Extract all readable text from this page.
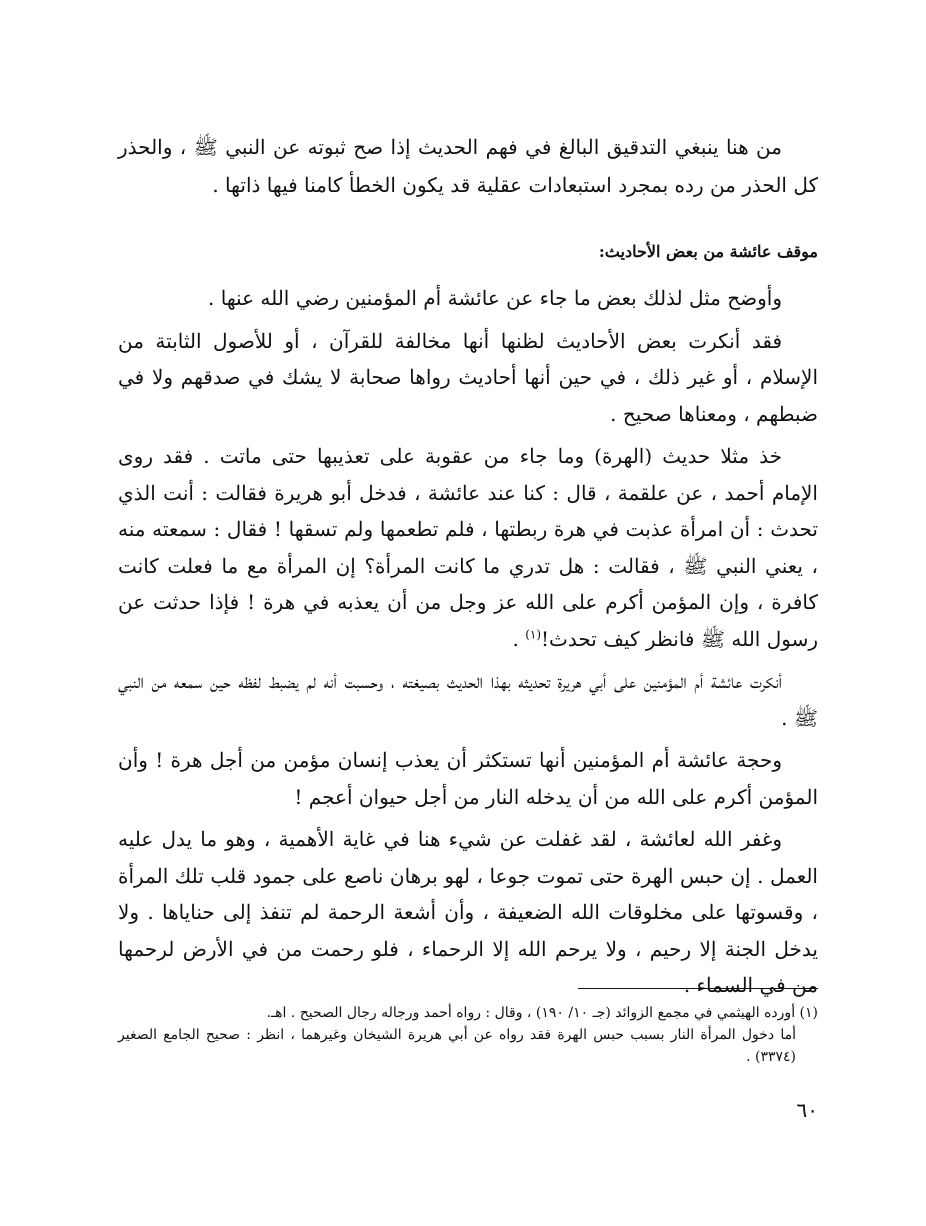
من هنا ينبغي التدقيق البالغ في فهم الحديث إذا صح ثبوته عن النبي ﷺ ، والحذر كل الحذر من رده بمجرد استبعادات عقلية قد يكون الخطأ كامنا فيها ذاتها .

موقف عائشة من بعض الأحاديث:

وأوضح مثل لذلك بعض ما جاء عن عائشة أم المؤمنين رضي الله عنها .

فقد أنكرت بعض الأحاديث لظنها أنها مخالفة للقرآن ، أو للأصول الثابتة من الإسلام ، أو غير ذلك ، في حين أنها أحاديث رواها صحابة لا يشك في صدقهم ولا في ضبطهم ، ومعناها صحيح .

خذ مثلا حديث (الهرة) وما جاء من عقوبة على تعذيبها حتى ماتت . فقد روى الإمام أحمد ، عن علقمة ، قال : كنا عند عائشة ، فدخل أبو هريرة فقالت : أنت الذي تحدث : أن امرأة عذبت في هرة ربطتها ، فلم تطعمها ولم تسقها ! فقال : سمعته منه ، يعني النبي ﷺ ، فقالت : هل تدري ما كانت المرأة؟ إن المرأة مع ما فعلت كانت كافرة ، وإن المؤمن أكرم على الله عز وجل من أن يعذبه في هرة ! فإذا حدثت عن رسول الله ﷺ فانظر كيف تحدث!$^{(١)}$ .

أنكرت عائشة أم المؤمنين على أبي هريرة تحديثه بهذا الحديث بصيغته ، وحسبت أنه لم يضبط لفظه حين سمعه من النبي ﷺ .

وحجة عائشة أم المؤمنين أنها تستكثر أن يعذب إنسان مؤمن من أجل هرة ! وأن المؤمن أكرم على الله من أن يدخله النار من أجل حيوان أعجم !

وغفر الله لعائشة ، لقد غفلت عن شيء هنا في غاية الأهمية ، وهو ما يدل عليه العمل . إن حبس الهرة حتى تموت جوعا ، لهو برهان ناصع على جمود قلب تلك المرأة ، وقسوتها على مخلوقات الله الضعيفة ، وأن أشعة الرحمة لم تنفذ إلى حناياها . ولا يدخل الجنة إلا رحيم ، ولا يرحم الله إلا الرحماء ، فلو رحمت من في الأرض لرحمها من في السماء .

(١) أورده الهيثمي في مجمع الزوائد (جـ ١٠/ ١٩٠) ، وقال : رواه أحمد ورجاله رجال الصحيح . اهـ.

أما دخول المرأة النار بسبب حبس الهرة فقد رواه عن أبي هريرة الشيخان وغيرهما ، انظر : صحيح الجامع الصغير (٣٣٧٤) .

٦٠
